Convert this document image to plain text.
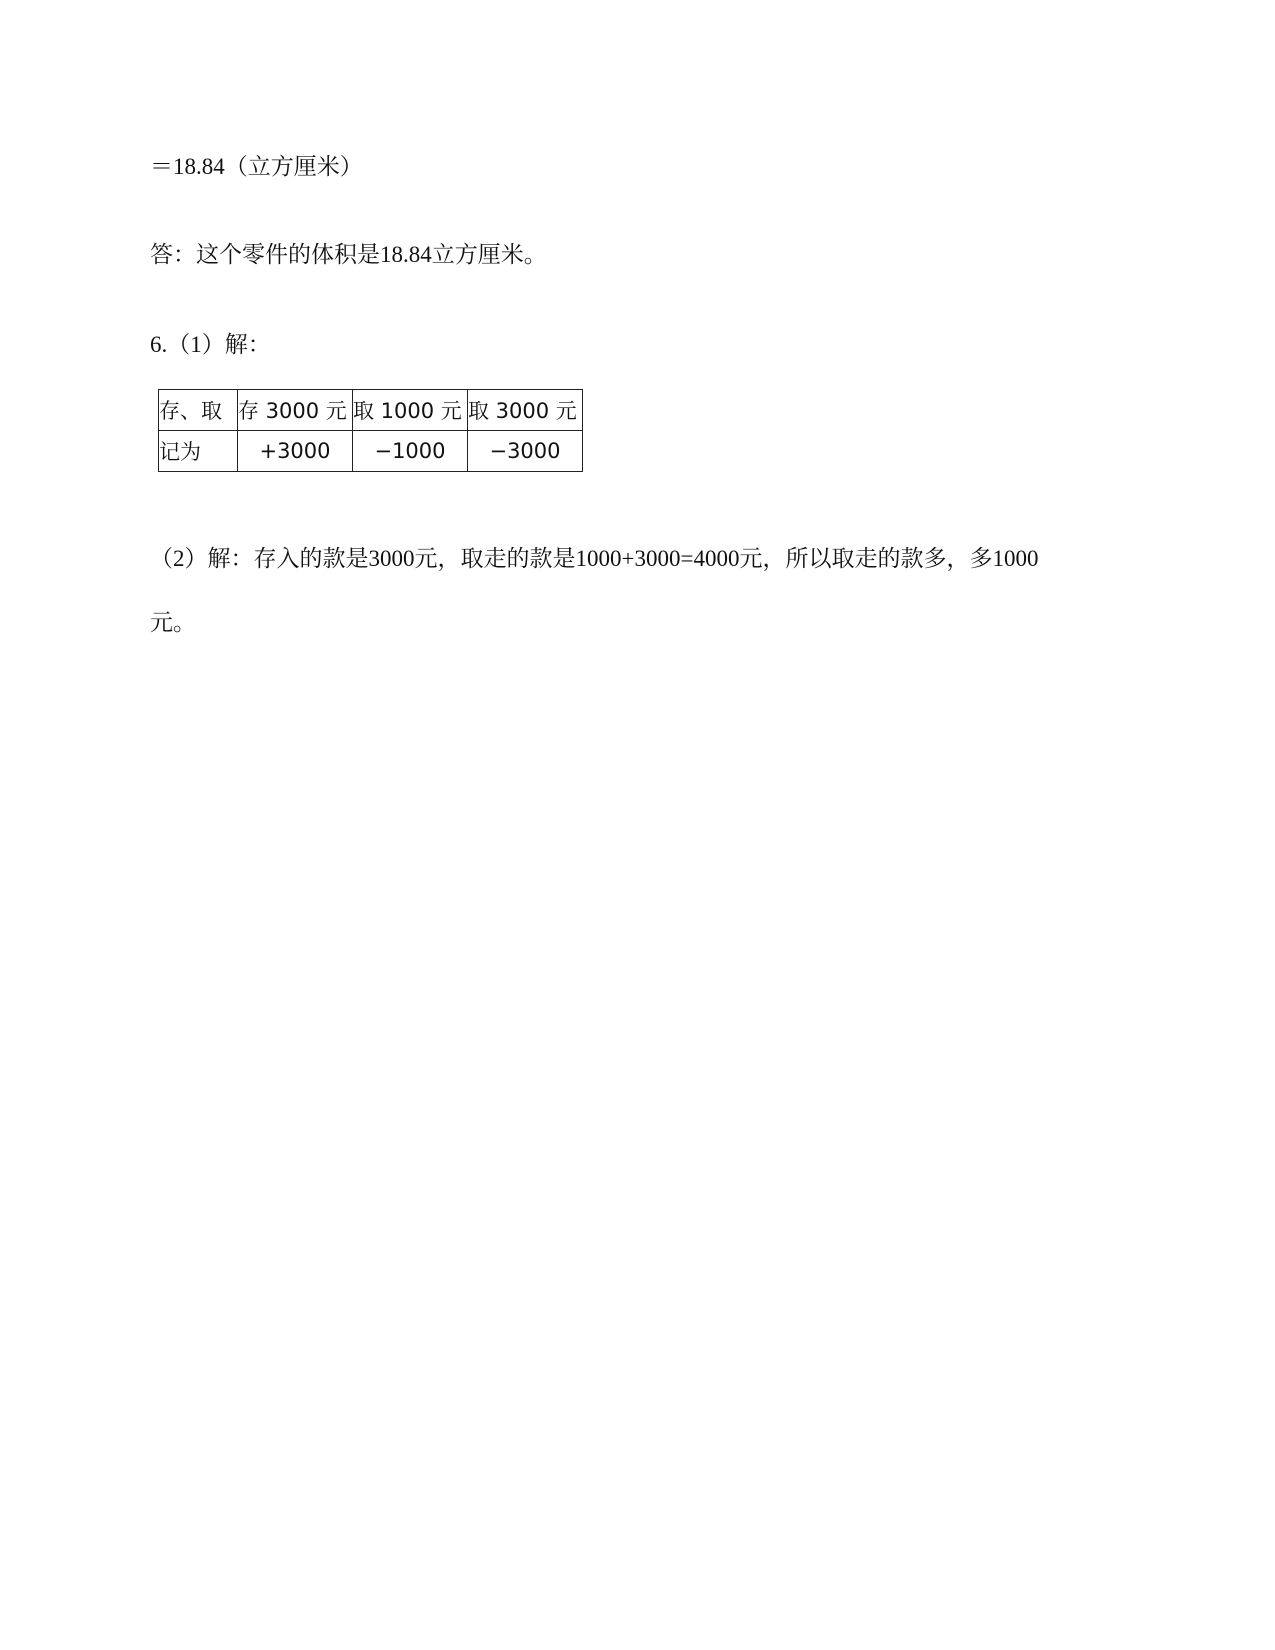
＝18.84（立方厘米）
答：这个零件的体积是18.84立方厘米。
6.（1）解：
存、取	存 3000 元	取 1000 元	取 3000 元
记为	+3000	−1000	−3000
（2）解：存入的款是3000元，取走的款是1000+3000=4000元，所以取走的款多，多1000
元。
